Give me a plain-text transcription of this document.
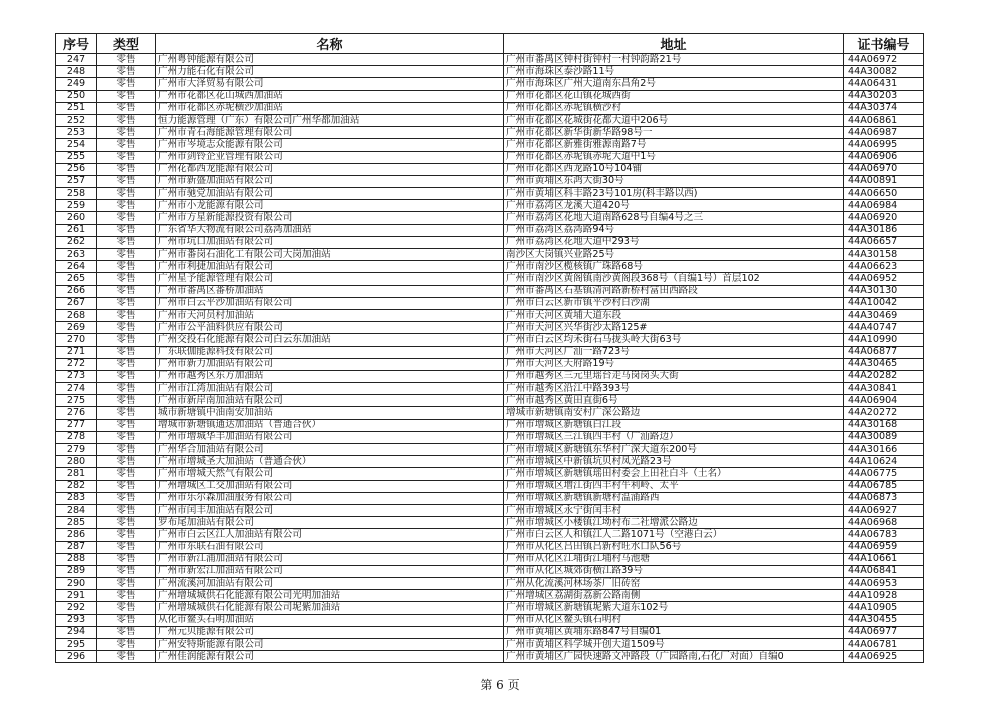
序号	类型	名称	地址	证书编号
247	零售	广州粤钟能源有限公司	广州市番禺区钟村街钟村一村钟韵路21号	44A06972
248	零售	广州力能石化有限公司	广州市海珠区泰沙路11号	44A30082
249	零售	广州市大泽贸易有限公司	广州市海珠区广州大道南东昌角2号	44A06431
250	零售	广州市花都区花山城西加油站	广州市花都区花山镇花城西街	44A30203
251	零售	广州市花都区赤坭横沙加油站	广州市花都区赤坭镇横沙村	44A30374
252	零售	恒力能源管理（广东）有限公司广州华都加油站	广州市花都区花城街花都大道中206号	44A06861
253	零售	广州市青石海能源管理有限公司	广州市花都区新华街新华路98号一	44A06987
254	零售	广州市岑境志众能源有限公司	广州市花都区新雅街雅源南路7号	44A06995
255	零售	广州市剑铃企业管理有限公司	广州市花都区赤坭镇赤坭大道中1号	44A06906
256	零售	广州花都西龙能源有限公司	广州市花都区西龙路10号104铺	44A06970
257	零售	广州市新盛加油站有限公司	广州市黄埔区东鸿大街30号	44A00891
258	零售	广州市驰党加油站有限公司	广州市黄埔区科丰路23号101房(科丰路以西)	44A06650
259	零售	广州市小龙能源有限公司	广州市荔湾区龙溪大道420号	44A06984
260	零售	广州市方星新能源投资有限公司	广州市荔湾区花地大道南路628号自编4号之三	44A06920
261	零售	广东省华大物流有限公司荔湾加油站	广州市荔湾区荔湾路94号	44A30186
262	零售	广州市坑口加油站有限公司	广州市荔湾区花地大道中293号	44A06657
263	零售	广州市番岗石油化工有限公司大岗加油站	南沙区大岗镇兴业路25号	44A30158
264	零售	广州市利捷加油站有限公司	广州市南沙区榄核镇广珠路68号	44A06623
265	零售	广州星予能源管理有限公司	广州市南沙区黄阁镇南沙黄阁段368号（自编1号）首层102	44A06952
266	零售	广州市番禺区番桥加油站	广州市番禺区石基镇清河路新桥村富田西路段	44A30130
267	零售	广州市白云平沙加油站有限公司	广州市白云区新市镇平沙村白沙湖	44A10042
268	零售	广州市天河员村加油站	广州市天河区黄埔大道东段	44A30469
269	零售	广州市公平油料供应有限公司	广州市天河区兴华街沙太路125#	44A40747
270	零售	广州交投石化能源有限公司白云东加油站	广州市白云区均禾街石马拢头岭大街63号	44A10990
271	零售	广东联伽能源科技有限公司	广州市天河区广汕一路723号	44A06877
272	零售	广州市新力加油站有限公司	广州市天河区天府路19号	44A30465
273	零售	广州市越秀区东方加油站	广州市越秀区三元里瑶台走马岗岗头大街	44A20282
274	零售	广州市江湾加油站有限公司	广州市越秀区沿江中路393号	44A30841
275	零售	广州市新岸南加油站有限公司	广州市越秀区黄田直街6号	44A06904
276	零售	城市新塘镇中油南安加油站	增城市新塘镇南安村广深公路边	44A20272
277	零售	增城市新塘镇通达加油站（普通合伙）	广州市增城区新塘镇白江段	44A30168
278	零售	广州市增城华丰加油站有限公司	广州市增城区三江镇四丰村（广汕路边）	44A30089
279	零售	广州华合加油站有限公司	广州市增城区新塘镇东华村广深大道东200号	44A30166
280	零售	广州市增城圣大加油站（普通合伙）	广州市增城区中新镇坑贝村凤光路23号	44A10624
281	零售	广州市增城天然气有限公司	广州市增城区新塘镇瑶田村委会上田社白斗（土名）	44A06775
282	零售	广州增城区工交加油站有限公司	广州市增城区增江街四丰村牛利岭、太平	44A06785
283	零售	广州市乐尔森加油服务有限公司	广州市增城区新塘镇新塘村温涌路西	44A06873
284	零售	广州市闰丰加油站有限公司	广州市增城区永宁街闰丰村	44A06927
285	零售	罗布尾加油站有限公司	广州市增城区小楼镇江坳村布二社增派公路边	44A06968
286	零售	广州市白云区江人加油站有限公司	广州市白云区人和镇江人二路1071号（空港白云）	44A06783
287	零售	广州市东联石油有限公司	广州市从化区吕田镇吕新村旺水口队56号	44A06959
288	零售	广州市新江浦加油站有限公司	广州市从化区江埔街江埔村马池塘	44A10661
289	零售	广州市新宏江加油站有限公司	广州市从化区城郊街横江路39号	44A06841
290	零售	广州流溪河加油站有限公司	广州从化流溪河林场茶厂旧砖窑	44A06953
291	零售	广州增城城供石化能源有限公司光明加油站	广州增城区荔湖街荔新公路南侧	44A10928
292	零售	广州增城城供石化能源有限公司坭紫加油站	广州市增城区新塘镇坭紫大道东102号	44A10905
293	零售	从化市鳌头石明加油站	广州市从化区鳌头镇石明村	44A30455
294	零售	广州元贝能源有限公司	广州市黄埔区黄埔东路847号自编01	44A06977
295	零售	广州安特斯能源有限公司	广州市黄埔区科学城开创大道1509号	44A06781
296	零售	广州佳润能源有限公司	广州市黄埔区广园快速路文冲路段（广园路南,石化厂对面）自编0	44A06925
第 6 页
